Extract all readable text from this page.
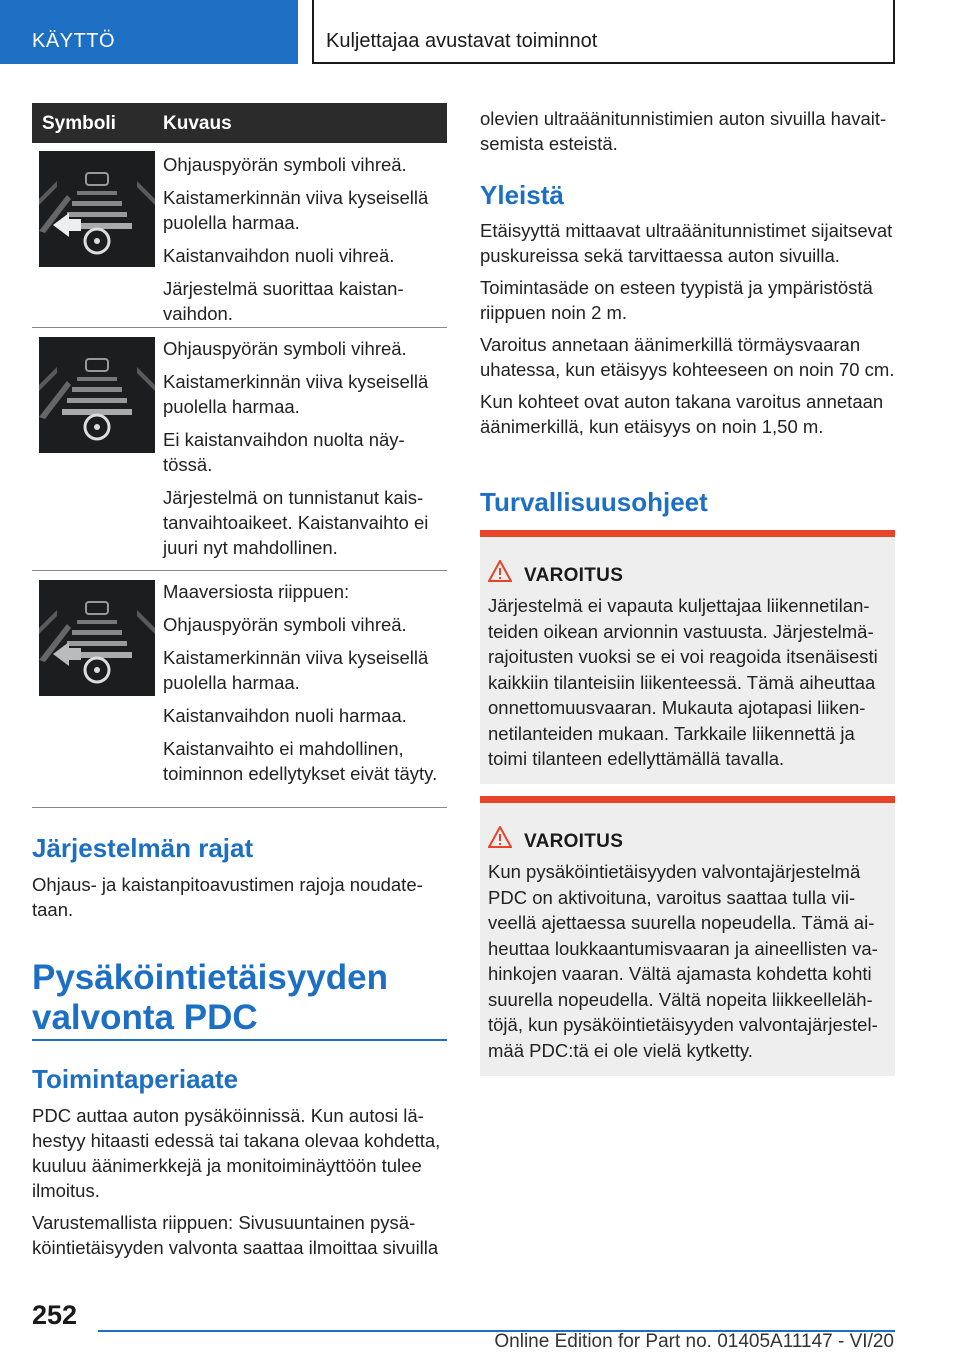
KÄYTTÖ	Kuljettajaa avustavat toiminnot
Symboli Kuvaus

Ohjauspyörän symboli vihreä.

Kaistamerkinnän viiva kyseisellä puolella harmaa.

Kaistanvaihdon nuoli vihreä.

Järjestelmä suorittaa kaistanvaihdon.

Ohjauspyörän symboli vihreä.

Kaistamerkinnän viiva kyseisellä puolella harmaa.

Ei kaistanvaihdon nuolta näytössä.

Järjestelmä on tunnistanut kaistanvaihtoaikeet. Kaistanvaihto ei juuri nyt mahdollinen.

Maaversiosta riippuen:

Ohjauspyörän symboli vihreä.

Kaistamerkinnän viiva kyseisellä puolella harmaa.

Kaistanvaihdon nuoli harmaa.

Kaistanvaihto ei mahdollinen, toiminnon edellytykset eivät täyty.

Järjestelmän rajat
Ohjaus- ja kaistanpitoavustimen rajoja noudatetaan.
Pysäköintietäisyyden valvonta PDC
Toimintaperiaate

PDC auttaa auton pysäköinnissä. Kun autosi lähestyy hitaasti edessä tai takana olevaa kohdetta, kuuluu äänimerkkejä ja monitoiminäyttöön tulee ilmoitus.

Varustemallista riippuen: Sivusuuntainen pysäköintietäisyyden valvonta saattaa ilmoittaa sivuilla

olevien ultraäänitunnistimien auton sivuilla havaitsemista esteistä.
Yleistä

Etäisyyttä mittaavat ultraäänitunnistimet sijaitsevat puskureissa sekä tarvittaessa auton sivuilla.

Toimintasäde on esteen tyypistä ja ympäristöstä riippuen noin 2 m.

Varoitus annetaan äänimerkillä törmäysvaaran uhatessa, kun etäisyys kohteeseen on noin 70 cm.

Kun kohteet ovat auton takana varoitus annetaan äänimerkillä, kun etäisyys on noin 1,50 m.

Turvallisuusohjeet
VAROITUS
Järjestelmä ei vapauta kuljettajaa liikennetilanteiden oikean arvionnin vastuusta. Järjestelmärajoitusten vuoksi se ei voi reagoida itsenäisesti kaikkiin tilanteisiin liikenteessä. Tämä aiheuttaa onnettomuusvaaran. Mukauta ajotapasi liikennetilanteiden mukaan. Tarkkaile liikennettä ja toimi tilanteen edellyttämällä tavalla.
VAROITUS
Kun pysäköintietäisyyden valvontajärjestelmä PDC on aktivoituna, varoitus saattaa tulla viiveellä ajettaessa suurella nopeudella. Tämä aiheuttaa loukkaantumisvaaran ja aineellisten vahinkojen vaaran. Vältä ajamasta kohdetta kohti suurella nopeudella. Vältä nopeita liikkeellelähtöjä, kun pysäköintietäisyyden valvontajärjestelmää PDC:tä ei ole vielä kytketty.
252
Online Edition for Part no. 01405A11147 - VI/20
